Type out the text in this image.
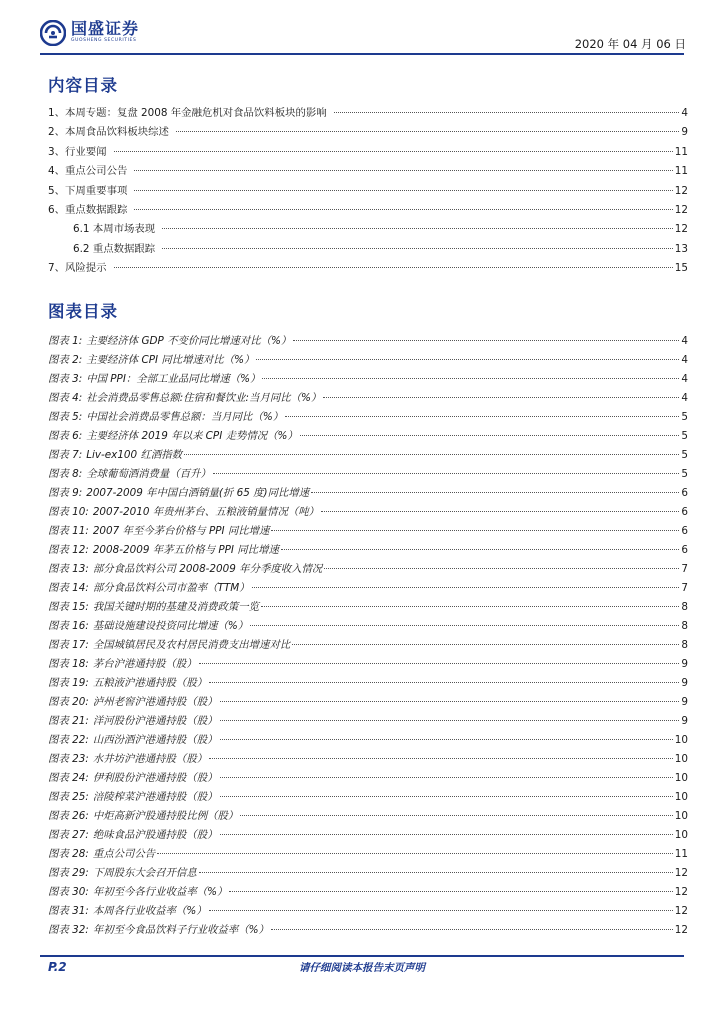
国盛证券
GUOSHENG SECURITIES	2020 年 04 月 06 日
内容目录
1、本周专题：复盘 2008 年金融危机对食品饮料板块的影响	4
2、本周食品饮料板块综述	9
3、行业要闻	11
4、重点公司公告	11
5、下周重要事项	12
6、重点数据跟踪	12
6.1 本周市场表现	12
6.2 重点数据跟踪	13
7、风险提示	15
图表目录
图表 1: 主要经济体 GDP 不变价同比增速对比（%）	4
图表 2: 主要经济体 CPI 同比增速对比（%）	4
图表 3: 中国 PPI：全部工业品同比增速（%）	4
图表 4: 社会消费品零售总额:住宿和餐饮业:当月同比（%）	4
图表 5: 中国社会消费品零售总额：当月同比（%）	5
图表 6: 主要经济体 2019 年以来 CPI 走势情况（%）	5
图表 7: Liv-ex100 红酒指数	5
图表 8: 全球葡萄酒消费量（百升）	5
图表 9: 2007-2009 年中国白酒销量(折 65 度)同比增速	6
图表 10: 2007-2010 年贵州茅台、五粮液销量情况（吨）	6
图表 11: 2007 年至今茅台价格与 PPI 同比增速	6
图表 12: 2008-2009 年茅五价格与 PPI 同比增速	6
图表 13: 部分食品饮料公司 2008-2009 年分季度收入情况	7
图表 14: 部分食品饮料公司市盈率（TTM）	7
图表 15: 我国关键时期的基建及消费政策一览	8
图表 16: 基础设施建设投资同比增速（%）	8
图表 17: 全国城镇居民及农村居民消费支出增速对比	8
图表 18: 茅台沪港通持股（股）	9
图表 19: 五粮液沪港通持股（股）	9
图表 20: 泸州老窖沪港通持股（股）	9
图表 21: 洋河股份沪港通持股（股）	9
图表 22: 山西汾酒沪港通持股（股）	10
图表 23: 水井坊沪港通持股（股）	10
图表 24: 伊利股份沪港通持股（股）	10
图表 25: 涪陵榨菜沪港通持股（股）	10
图表 26: 中炬高新沪股通持股比例（股）	10
图表 27: 绝味食品沪股通持股（股）	10
图表 28: 重点公司公告	11
图表 29: 下周股东大会召开信息	12
图表 30: 年初至今各行业收益率（%）	12
图表 31: 本周各行业收益率（%）	12
图表 32: 年初至今食品饮料子行业收益率（%）	12
P.2	请仔细阅读本报告末页声明
